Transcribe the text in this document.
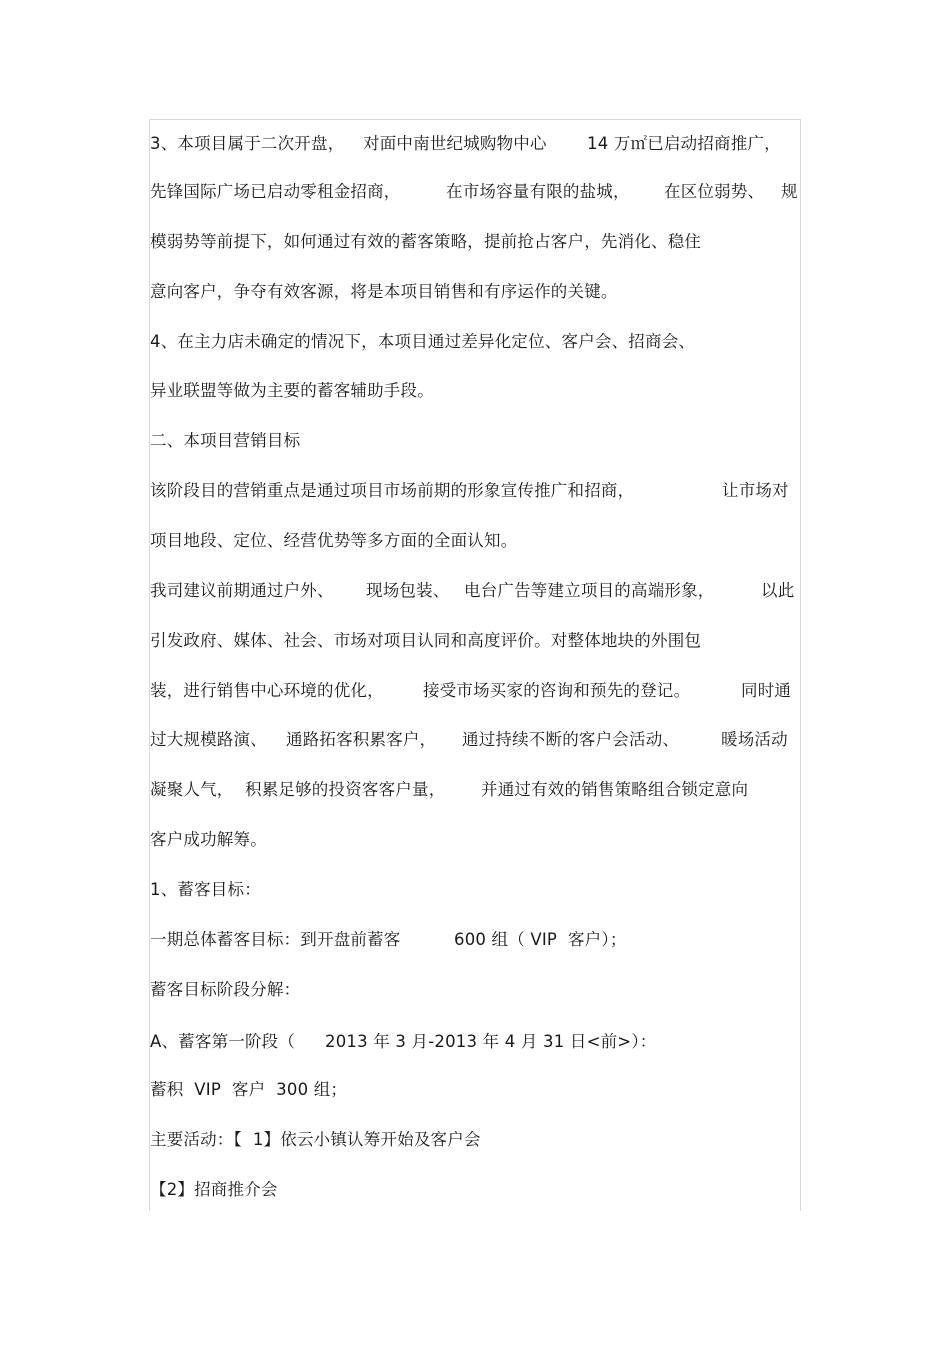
3、本项目属于二次开盘，

对面中南世纪城购物中心

14 万㎡已启动招商推广，

先锋国际广场已启动零租金招商，

	在市场容量有限的盐城，

在区位弱势、

规

模弱势等前提下，如何通过有效的蓄客策略，提前抢占客户，先消化、稳住

意向客户，争夺有效客源，将是本项目销售和有序运作的关键。

4、在主力店未确定的情况下，本项目通过差异化定位、客户会、招商会、

异业联盟等做为主要的蓄客辅助手段。

二、本项目营销目标

该阶段目的营销重点是通过项目市场前期的形象宣传推广和招商，

	让市场对

项目地段、定位、经营优势等多方面的全面认知。

我司建议前期通过户外、

现场包装、

电台广告等建立项目的高端形象，

	以此

引发政府、媒体、社会、市场对项目认同和高度评价。对整体地块的外围包

装，进行销售中心环境的优化，

接受市场买家的咨询和预先的登记。

	同时通

过大规模路演、

通路拓客积累客户，

通过持续不断的客户会活动、

	暖场活动

凝聚人气，

积累足够的投资客客户量，

并通过有效的销售策略组合锁定意向

客户成功解筹。

1、蓄客目标：

一期总体蓄客目标：到开盘前蓄客

	600 组（ VIP  客户）；

蓄客目标阶段分解：

A、蓄客第一阶段（

2013 年 3 月-2013 年 4 月 31 日<前>）：

蓄积  VIP  客户  300 组；

主要活动：【  1】依云小镇认筹开始及客户会

【2】招商推介会
